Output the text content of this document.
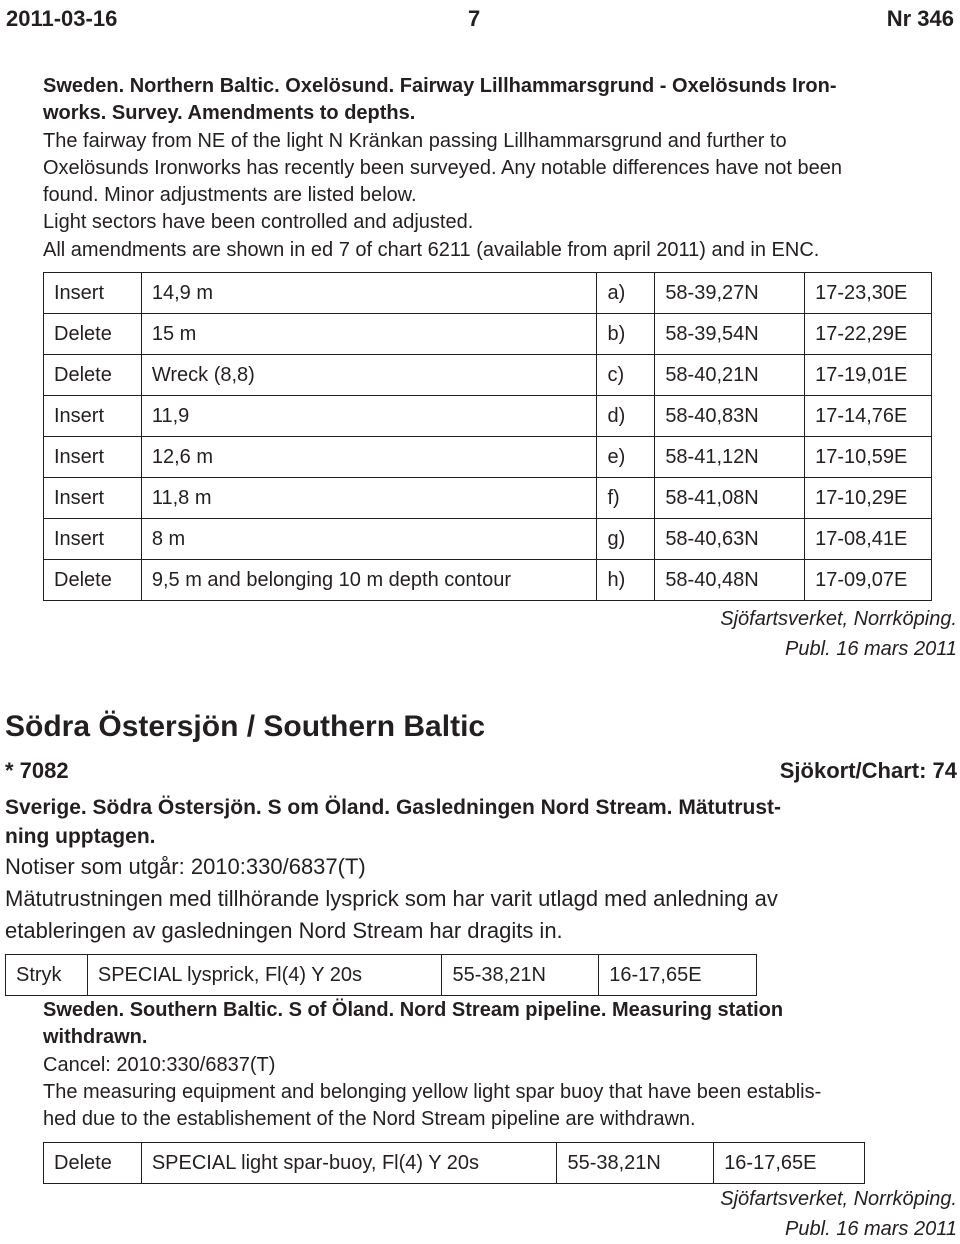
2011-03-16	7	Nr 346

Sweden. Northern Baltic. Oxelösund. Fairway Lillhammarsgrund - Oxelösunds Iron-

works. Survey. Amendments to depths.

The fairway from NE of the light N Kränkan passing Lillhammarsgrund and further to

Oxelösunds Ironworks has recently been surveyed. Any notable differences have not been

found. Minor adjustments are listed below.

Light sectors have been controlled and adjusted.

All amendments are shown in ed 7 of chart 6211 (available from april 2011) and in ENC.

Insert	14,9 m	a)	58-39,27N	17-23,30E
Delete	15 m	b)	58-39,54N	17-22,29E
Delete	Wreck (8,8)	c)	58-40,21N	17-19,01E
Insert	11,9	d)	58-40,83N	17-14,76E
Insert	12,6 m	e)	58-41,12N	17-10,59E
Insert	11,8 m	f)	58-41,08N	17-10,29E
Insert	8 m	g)	58-40,63N	17-08,41E
Delete	9,5 m and belonging 10 m depth contour	h)	58-40,48N	17-09,07E
Sjöfartsverket, Norrköping.
Publ. 16 mars 2011
Södra Östersjön / Southern Baltic
* 7082	Sjökort/Chart: 74

Sverige. Södra Östersjön. S om Öland. Gasledningen Nord Stream. Mätutrust-

ning upptagen.

Notiser som utgår: 2010:330/6837(T)

Mätutrustningen med tillhörande lysprick som har varit utlagd med anledning av

etableringen av gasledningen Nord Stream har dragits in.

Stryk	SPECIAL lysprick, Fl(4) Y 20s	55-38,21N	16-17,65E

Sweden. Southern Baltic. S of Öland. Nord Stream pipeline. Measuring station

withdrawn.

Cancel: 2010:330/6837(T)

The measuring equipment and belonging yellow light spar buoy that have been establis-

hed due to the establishement of the Nord Stream pipeline are withdrawn.

Delete	SPECIAL light spar-buoy, Fl(4) Y 20s	55-38,21N	16-17,65E
Sjöfartsverket, Norrköping.
Publ. 16 mars 2011
